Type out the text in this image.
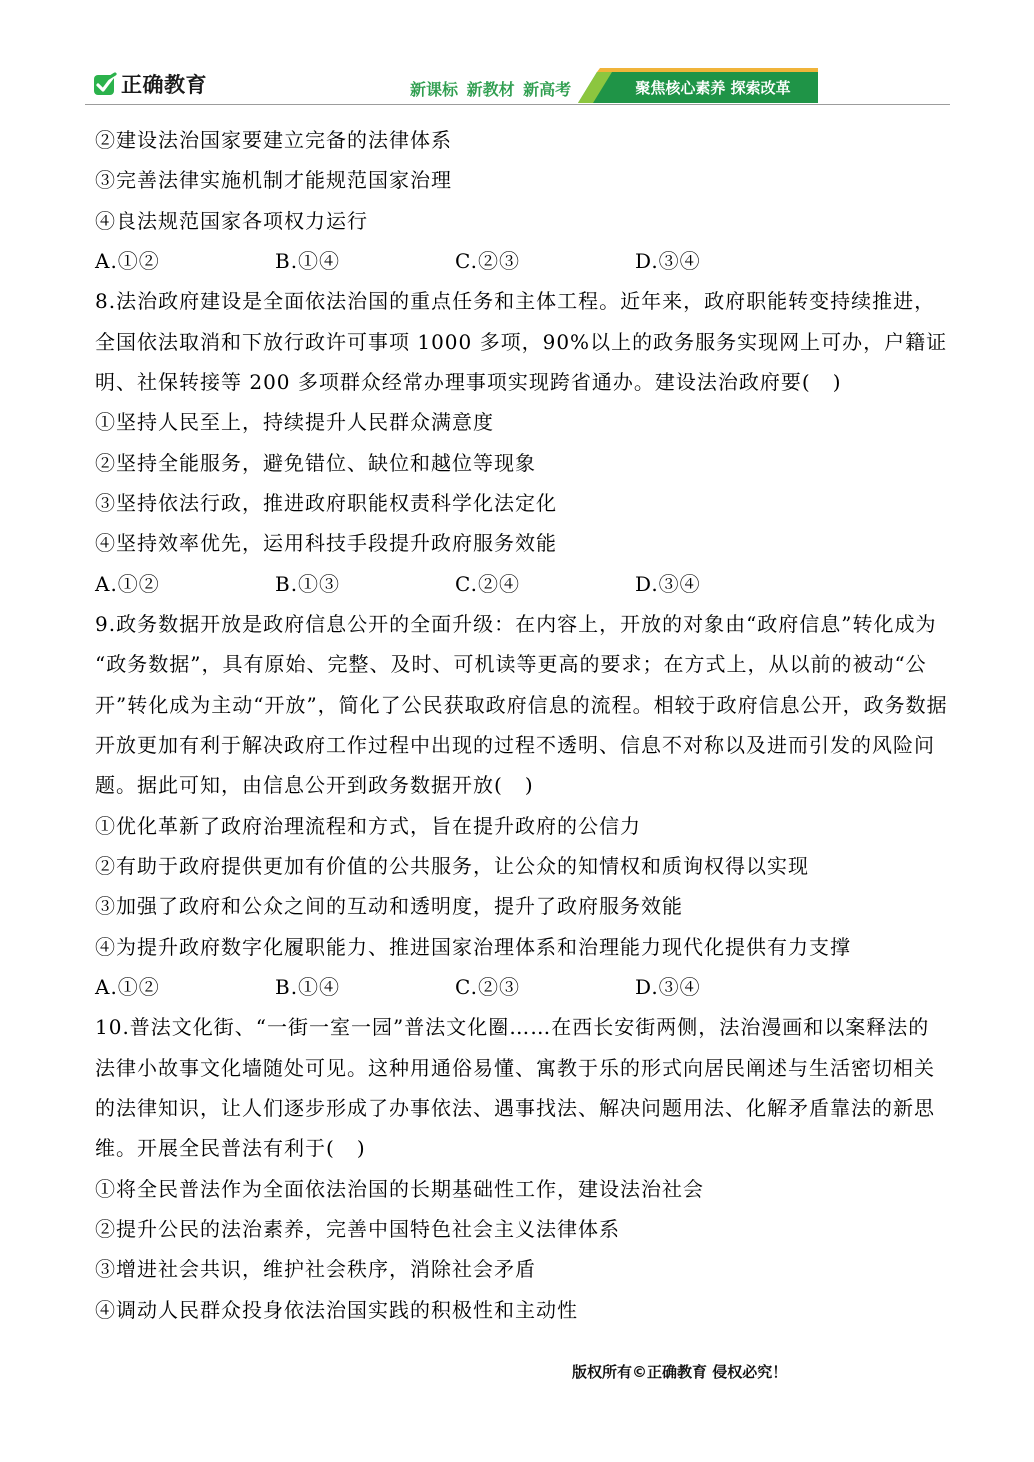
正确教育	新课标 新教材 新高考	聚焦核心素养 探索改革
②建设法治国家要建立完备的法律体系
③完善法律实施机制才能规范国家治理
④良法规范国家各项权力运行
A.①②	B.①④	C.②③	D.③④
8.法治政府建设是全面依法治国的重点任务和主体工程。近年来，政府职能转变持续推进，
全国依法取消和下放行政许可事项 1000 多项，90%以上的政务服务实现网上可办，户籍证
明、社保转接等 200 多项群众经常办理事项实现跨省通办。建设法治政府要(   )
①坚持人民至上，持续提升人民群众满意度
②坚持全能服务，避免错位、缺位和越位等现象
③坚持依法行政，推进政府职能权责科学化法定化
④坚持效率优先，运用科技手段提升政府服务效能
A.①②	B.①③	C.②④	D.③④
9.政务数据开放是政府信息公开的全面升级：在内容上，开放的对象由“政府信息”转化成为
“政务数据”，具有原始、完整、及时、可机读等更高的要求；在方式上，从以前的被动“公
开”转化成为主动“开放”，简化了公民获取政府信息的流程。相较于政府信息公开，政务数据
开放更加有利于解决政府工作过程中出现的过程不透明、信息不对称以及进而引发的风险问
题。据此可知，由信息公开到政务数据开放(   )
①优化革新了政府治理流程和方式，旨在提升政府的公信力
②有助于政府提供更加有价值的公共服务，让公众的知情权和质询权得以实现
③加强了政府和公众之间的互动和透明度，提升了政府服务效能
④为提升政府数字化履职能力、推进国家治理体系和治理能力现代化提供有力支撑
A.①②	B.①④	C.②③	D.③④
10.普法文化街、“一街一室一园”普法文化圈……在西长安街两侧，法治漫画和以案释法的
法律小故事文化墙随处可见。这种用通俗易懂、寓教于乐的形式向居民阐述与生活密切相关
的法律知识，让人们逐步形成了办事依法、遇事找法、解决问题用法、化解矛盾靠法的新思
维。开展全民普法有利于(   )
①将全民普法作为全面依法治国的长期基础性工作，建设法治社会
②提升公民的法治素养，完善中国特色社会主义法律体系
③增进社会共识，维护社会秩序，消除社会矛盾
④调动人民群众投身依法治国实践的积极性和主动性
版权所有©正确教育 侵权必究！
